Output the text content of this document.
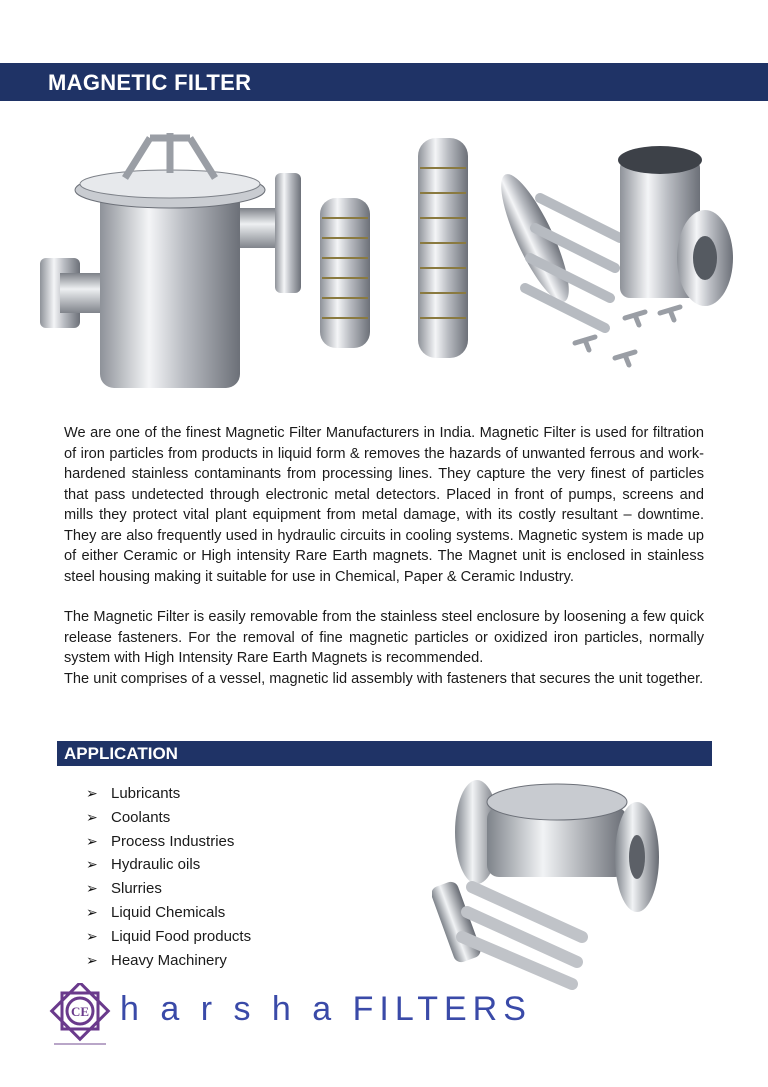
MAGNETIC FILTER

We are one of the finest Magnetic Filter Manufacturers in India. Magnetic Filter is used for filtration of iron particles from products in liquid form & removes the hazards of unwanted ferrous and work-hardened stainless contaminants from processing lines. They capture the very finest of particles that pass undetected through electronic metal detectors. Placed in front of pumps, screens and mills they protect vital plant equipment from metal damage, with its costly resultant – downtime. They are also frequently used in hydraulic circuits in cooling systems. Magnetic system is made up of either Ceramic or High intensity Rare Earth magnets. The Magnet unit is enclosed in stainless steel housing making it suitable for use in Chemical, Paper & Ceramic Industry.

The Magnetic Filter is easily removable from the stainless steel enclosure by loosening a few quick release fasteners. For the removal of fine magnetic particles or oxidized iron particles, normally system with High Intensity Rare Earth Magnets is recommended.

The unit comprises of a vessel, magnetic lid assembly with fasteners that secures the unit together.

APPLICATION
➢ Lubricants
➢ Coolants
➢ Process Industries
➢ Hydraulic oils
➢ Slurries
➢ Liquid Chemicals
➢ Liquid Food products
➢ Heavy Machinery
CE h a r s h a FILTERS
